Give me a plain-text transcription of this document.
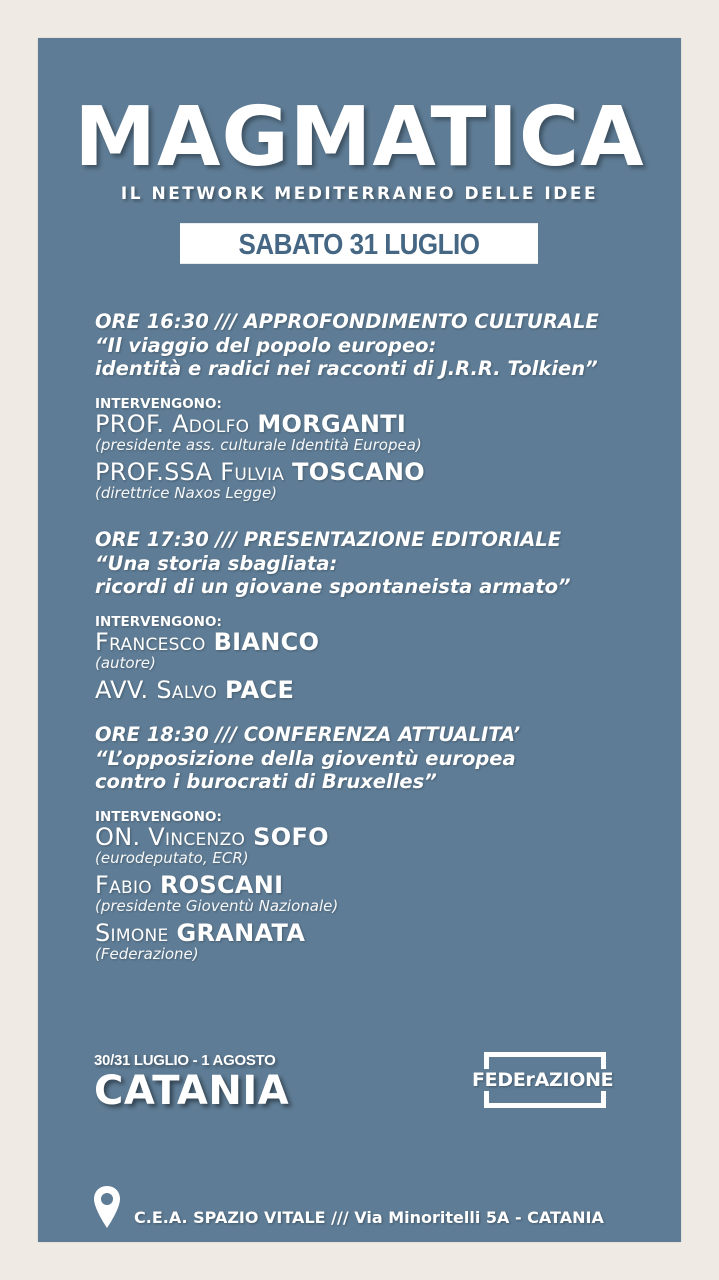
MAGMATICA
IL NETWORK MEDITERRANEO DELLE IDEE
SABATO 31 LUGLIO
ORE 16:30 /// APPROFONDIMENTO CULTURALE
“Il viaggio del popolo europeo:
identità e radici nei racconti di J.R.R. Tolkien”
INTERVENGONO:
PROF. Adolfo MORGANTI
(presidente ass. culturale Identità Europea)
PROF.SSA Fulvia TOSCANO
(direttrice Naxos Legge)
ORE 17:30 /// PRESENTAZIONE EDITORIALE
“Una storia sbagliata:
ricordi di un giovane spontaneista armato”
INTERVENGONO:
Francesco BIANCO
(autore)
AVV. Salvo PACE
ORE 18:30 /// CONFERENZA ATTUALITA’
“L’opposizione della gioventù europea
contro i burocrati di Bruxelles”
INTERVENGONO:
ON. Vincenzo SOFO
(eurodeputato, ECR)
Fabio ROSCANI
(presidente Gioventù Nazionale)
Simone GRANATA
(Federazione)
30/31 LUGLIO - 1 AGOSTO
CATANIA	FEDErAZIONE
C.E.A. SPAZIO VITALE /// Via Minoritelli 5A - CATANIA
